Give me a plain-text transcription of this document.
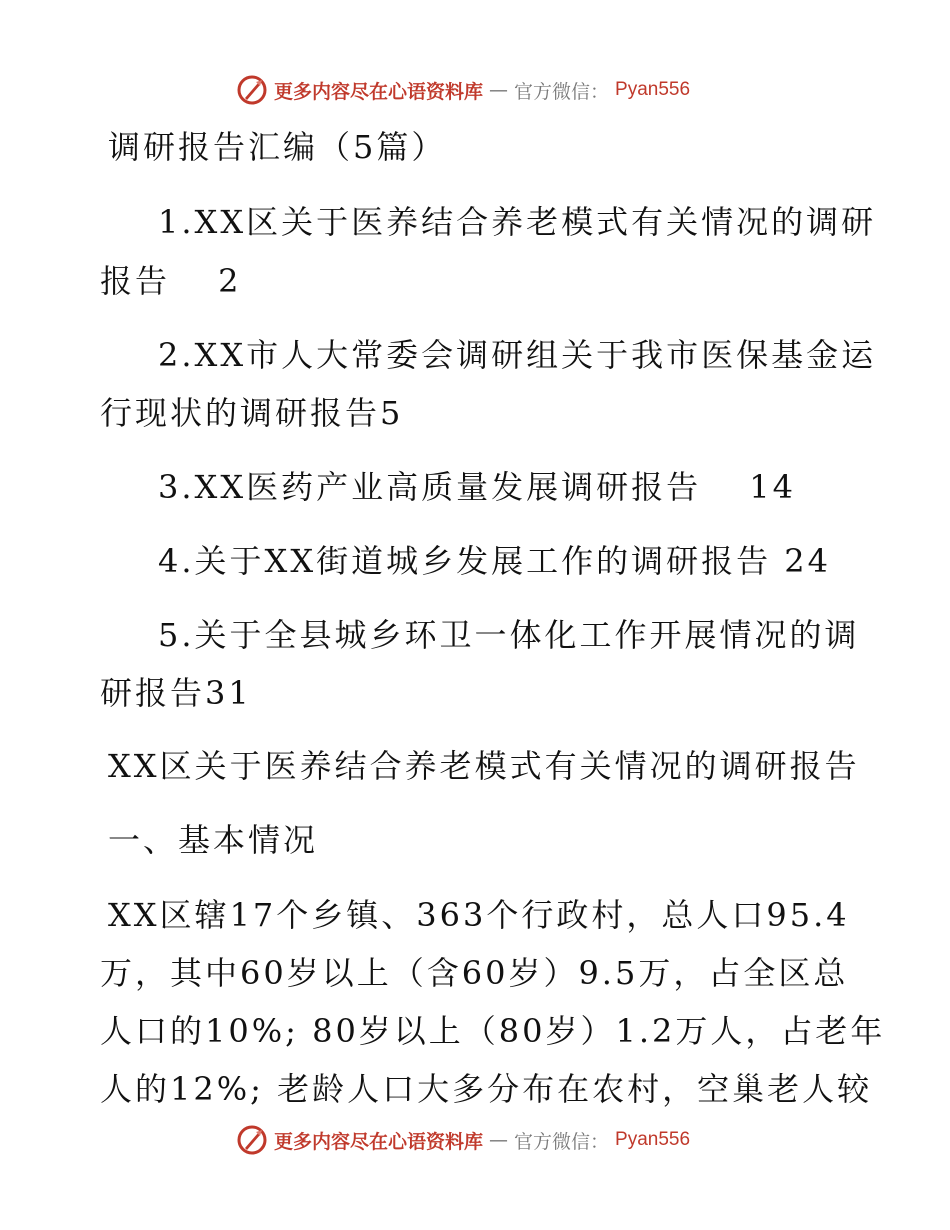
更多内容尽在心语资料库 — 官方微信： Pyan556
调研报告汇编（5篇）
1.XX区关于医养结合养老模式有关情况的调研
报告　 2
2.XX市人大常委会调研组关于我市医保基金运
行现状的调研报告5
3.XX医药产业高质量发展调研报告　 14
4.关于XX街道城乡发展工作的调研报告 24
5.关于全县城乡环卫一体化工作开展情况的调
研报告31
XX区关于医养结合养老模式有关情况的调研报告
一、基本情况
XX区辖17个乡镇、363个行政村，总人口95.4
万，其中60岁以上（含60岁）9.5万，占全区总
人口的10%; 80岁以上（80岁）1.2万人，占老年
人的12%; 老龄人口大多分布在农村，空巢老人较
更多内容尽在心语资料库 — 官方微信： Pyan556
